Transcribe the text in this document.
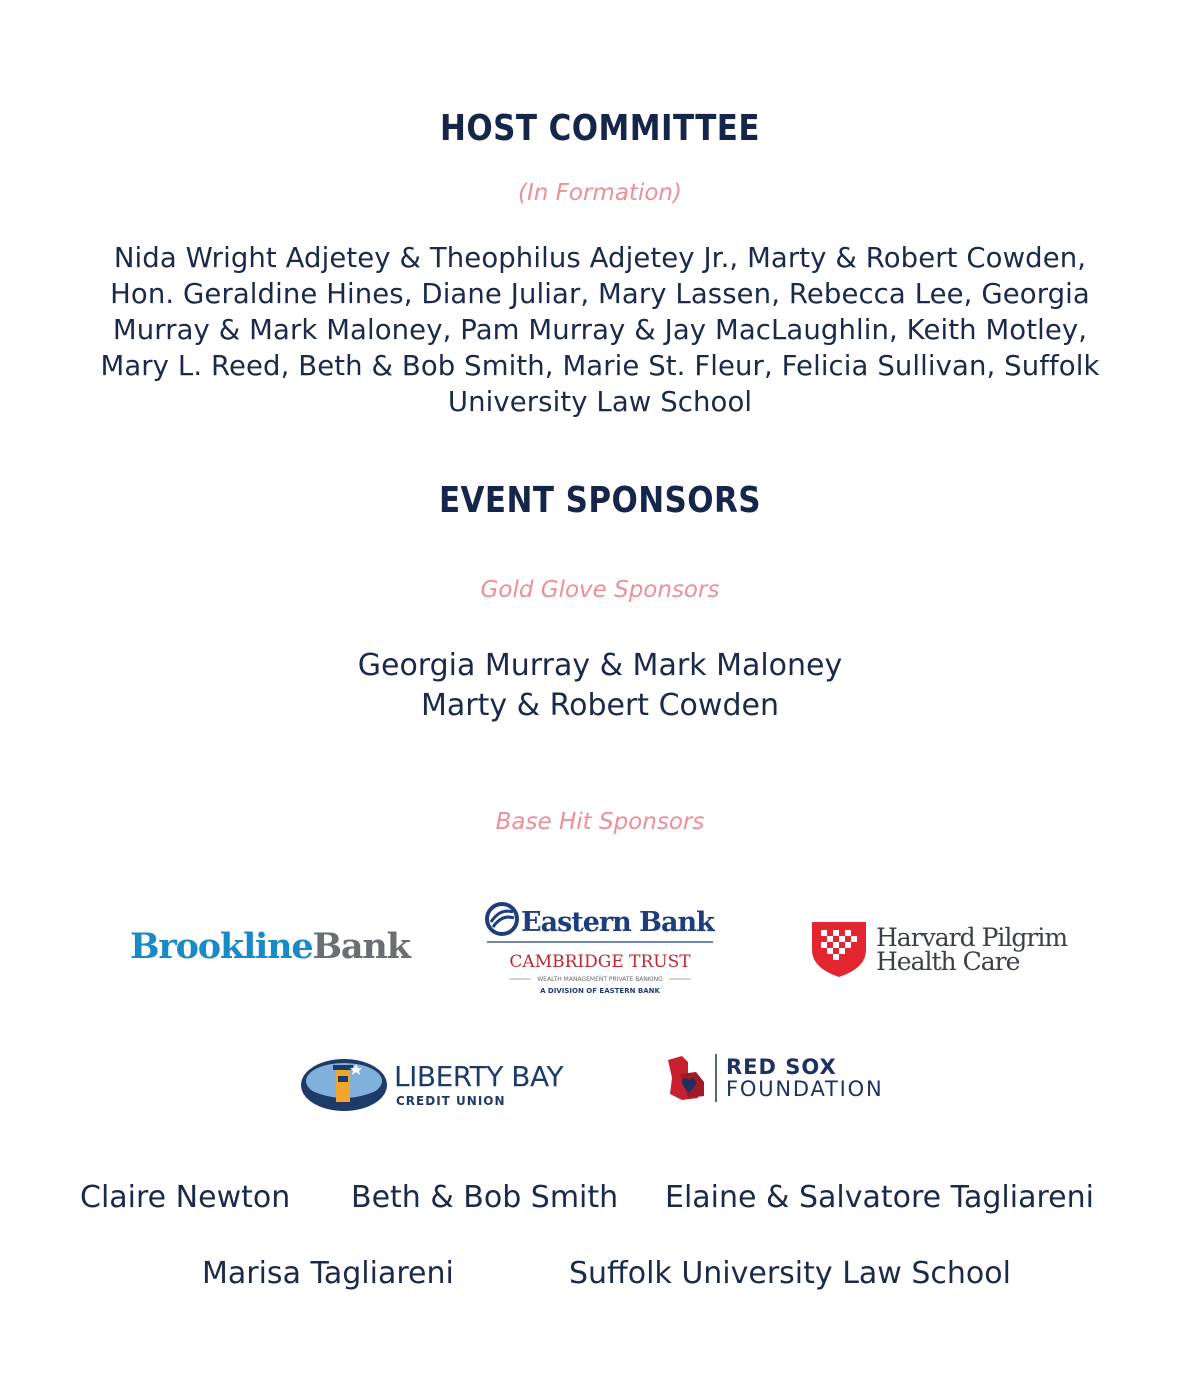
HOST COMMITTEE
(In Formation)
Nida Wright Adjetey & Theophilus Adjetey Jr., Marty & Robert Cowden, Hon. Geraldine Hines, Diane Juliar, Mary Lassen, Rebecca Lee, Georgia Murray & Mark Maloney, Pam Murray & Jay MacLaughlin, Keith Motley, Mary L. Reed, Beth & Bob Smith, Marie St. Fleur, Felicia Sullivan, Suffolk University Law School
EVENT SPONSORS
Gold Glove Sponsors
Georgia Murray & Mark Maloney
Marty & Robert Cowden
Base Hit Sponsors
BrooklineBank
Eastern Bank
CAMBRIDGE TRUST
WEALTH MANAGEMENT PRIVATE BANKING
A DIVISION OF EASTERN BANK
Harvard Pilgrim
Health Care
LIBERTY BAY
CREDIT UNION
RED SOX
FOUNDATION
Claire Newton Beth & Bob Smith Elaine & Salvatore Tagliareni
Marisa Tagliareni	Suffolk University Law School
